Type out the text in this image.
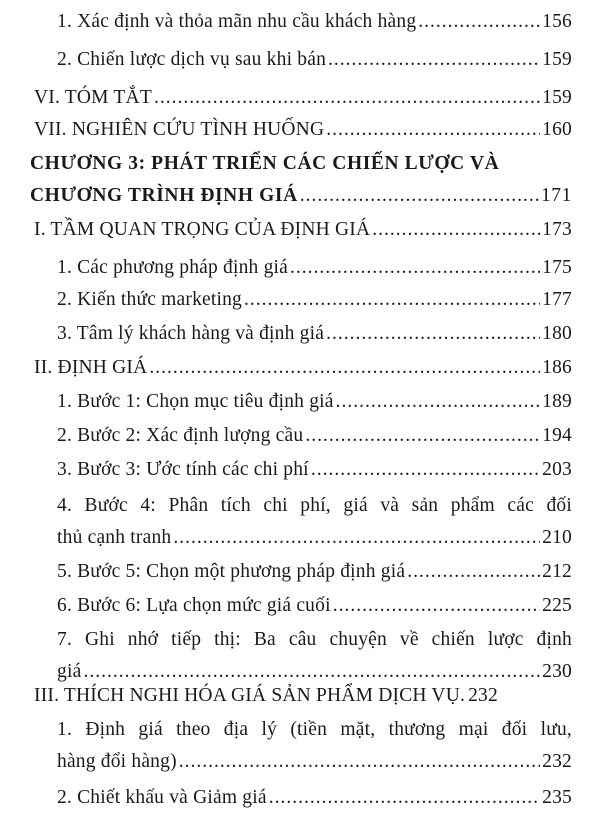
1. Xác định và thỏa mãn nhu cầu khách hàng .....	156
2. Chiến lược dịch vụ sau khi bán .....	159
VI. TÓM TẮT .....	159
VII. NGHIÊN CỨU TÌNH HUỐNG .....	160
CHƯƠNG 3: PHÁT TRIỂN CÁC CHIẾN LƯỢC VÀ
CHƯƠNG TRÌNH ĐỊNH GIÁ .....	171
I. TẦM QUAN TRỌNG CỦA ĐỊNH GIÁ .....	173
1. Các phương pháp định giá .....	175
2. Kiến thức marketing .....	177
3. Tâm lý khách hàng và định giá .....	180
II. ĐỊNH GIÁ .....	186
1. Bước 1: Chọn mục tiêu định giá .....	189
2. Bước 2: Xác định lượng cầu .....	194
3. Bước 3: Ước tính các chi phí .....	203
4. Bước 4: Phân tích chi phí, giá và sản phẩm các đối
thủ cạnh tranh .....	210
5. Bước 5: Chọn một phương pháp định giá .....	212
6. Bước 6: Lựa chọn mức giá cuối .....	225
7. Ghi nhớ tiếp thị: Ba câu chuyện về chiến lược định
giá .....	230
III. THÍCH NGHI HÓA GIÁ SẢN PHẨM DỊCH VỤ. 232
1. Định giá theo địa lý (tiền mặt, thương mại đối lưu,
hàng đổi hàng) .....	232
2. Chiết khấu và Giảm giá .....	235
